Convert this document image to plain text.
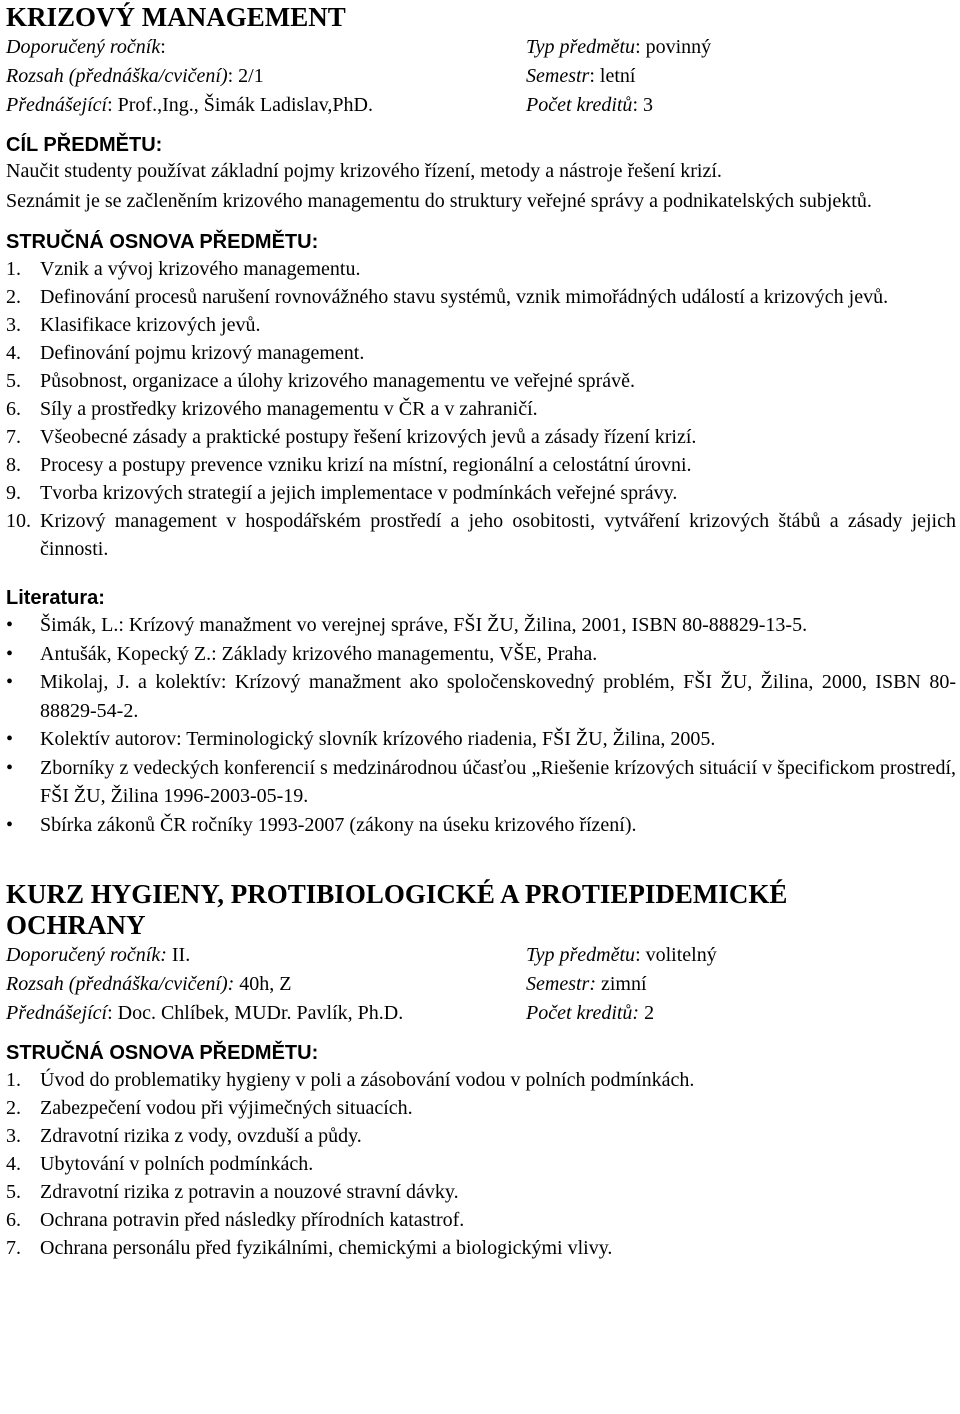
KRIZOVÝ MANAGEMENT
Doporučený ročník:	Typ předmětu: povinný
Rozsah (přednáška/cvičení): 2/1	Semestr: letní
Přednášející: Prof.,Ing., Šimák Ladislav,PhD.	Počet kreditů: 3
CÍL PŘEDMĚTU:

Naučit studenty používat základní pojmy krizového řízení, metody a nástroje řešení krizí.

Seznámit je se začleněním krizového managementu do struktury veřejné správy a podnikatelských subjektů.

STRUČNÁ OSNOVA PŘEDMĚTU:
1. Vznik a vývoj krizového managementu.
2. Definování procesů narušení rovnovážného stavu systémů, vznik mimořádných událostí a krizových jevů.
3. Klasifikace krizových jevů.
4. Definování pojmu krizový management.
5. Působnost, organizace a úlohy krizového managementu ve veřejné správě.
6. Síly a prostředky krizového managementu v ČR a v zahraničí.
7. Všeobecné zásady a praktické postupy řešení krizových jevů a zásady řízení krizí.
8. Procesy a postupy prevence vzniku krizí na místní, regionální a celostátní úrovni.
9. Tvorba krizových strategií a jejich implementace v podmínkách veřejné správy.
10. Krizový management v hospodářském prostředí a jeho osobitosti, vytváření krizových štábů a zásady jejich činnosti.
Literatura:
• Šimák, L.: Krízový manažment vo verejnej správe, FŠI ŽU, Žilina, 2001, ISBN 80-88829-13-5.
• Antušák, Kopecký Z.: Základy krizového managementu, VŠE, Praha.
• Mikolaj, J. a kolektív: Krízový manažment ako spoločenskovedný problém, FŠI ŽU, Žilina, 2000, ISBN 80-88829-54-2.
• Kolektív autorov: Terminologický slovník krízového riadenia, FŠI ŽU, Žilina, 2005.
• Zborníky z vedeckých konferencií s medzinárodnou účasťou „Riešenie krízových situácií v špecifickom prostredí, FŠI ŽU, Žilina 1996-2003-05-19.
• Sbírka zákonů ČR ročníky 1993-2007 (zákony na úseku krizového řízení).
KURZ HYGIENY, PROTIBIOLOGICKÉ A PROTIEPIDEMICKÉ OCHRANY
Doporučený ročník: II.	Typ předmětu: volitelný
Rozsah (přednáška/cvičení): 40h, Z	Semestr: zimní
Přednášející: Doc. Chlíbek, MUDr. Pavlík, Ph.D.	Počet kreditů: 2
STRUČNÁ OSNOVA PŘEDMĚTU:
1. Úvod do problematiky hygieny v poli a zásobování vodou v polních podmínkách.
2. Zabezpečení vodou při výjimečných situacích.
3. Zdravotní rizika z vody, ovzduší a půdy.
4. Ubytování v polních podmínkách.
5. Zdravotní rizika z potravin a nouzové stravní dávky.
6. Ochrana potravin před následky přírodních katastrof.
7. Ochrana personálu před fyzikálními, chemickými a biologickými vlivy.
